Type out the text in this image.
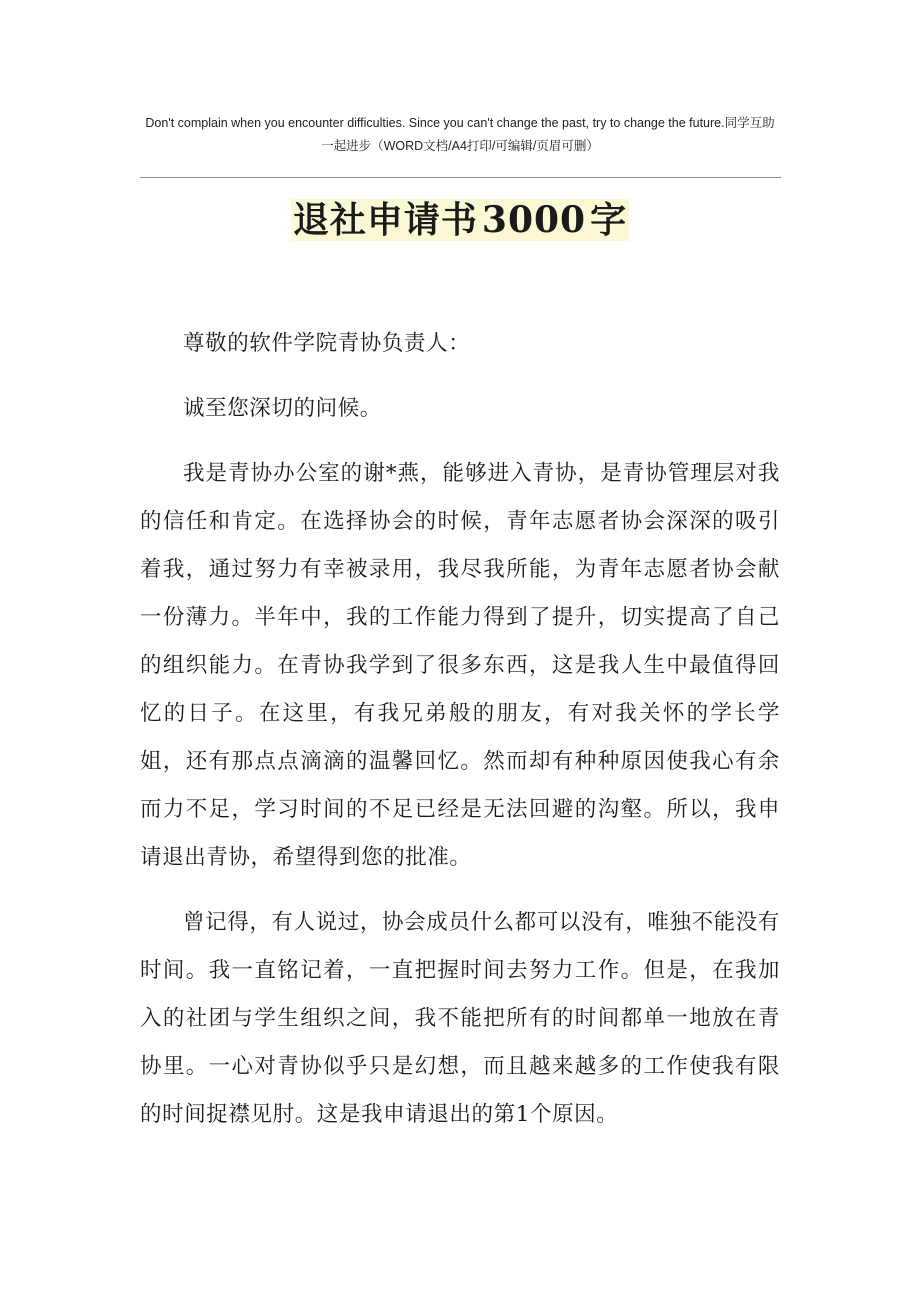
Don't complain when you encounter difficulties. Since you can't change the past, try to change the future.同学互助　一起进步（WORD文档/A4打印/可编辑/页眉可删）
退社申请书 3000 字

尊敬的软件学院青协负责人：

诚至您深切的问候。

我是青协办公室的谢*燕，能够进入青协，是青协管理层对我的信任和肯定。在选择协会的时候，青年志愿者协会深深的吸引着我，通过努力有幸被录用，我尽我所能，为青年志愿者协会献一份薄力。半年中，我的工作能力得到了提升，切实提高了自己的组织能力。在青协我学到了很多东西，这是我人生中最值得回忆的日子。在这里，有我兄弟般的朋友，有对我关怀的学长学姐，还有那点点滴滴的温馨回忆。然而却有种种原因使我心有余而力不足，学习时间的不足已经是无法回避的沟壑。所以，我申请退出青协，希望得到您的批准。

曾记得，有人说过，协会成员什么都可以没有，唯独不能没有时间。我一直铭记着，一直把握时间去努力工作。但是，在我加入的社团与学生组织之间，我不能把所有的时间都单一地放在青协里。一心对青协似乎只是幻想，而且越来越多的工作使我有限的时间捉襟见肘。这是我申请退出的第1个原因。
